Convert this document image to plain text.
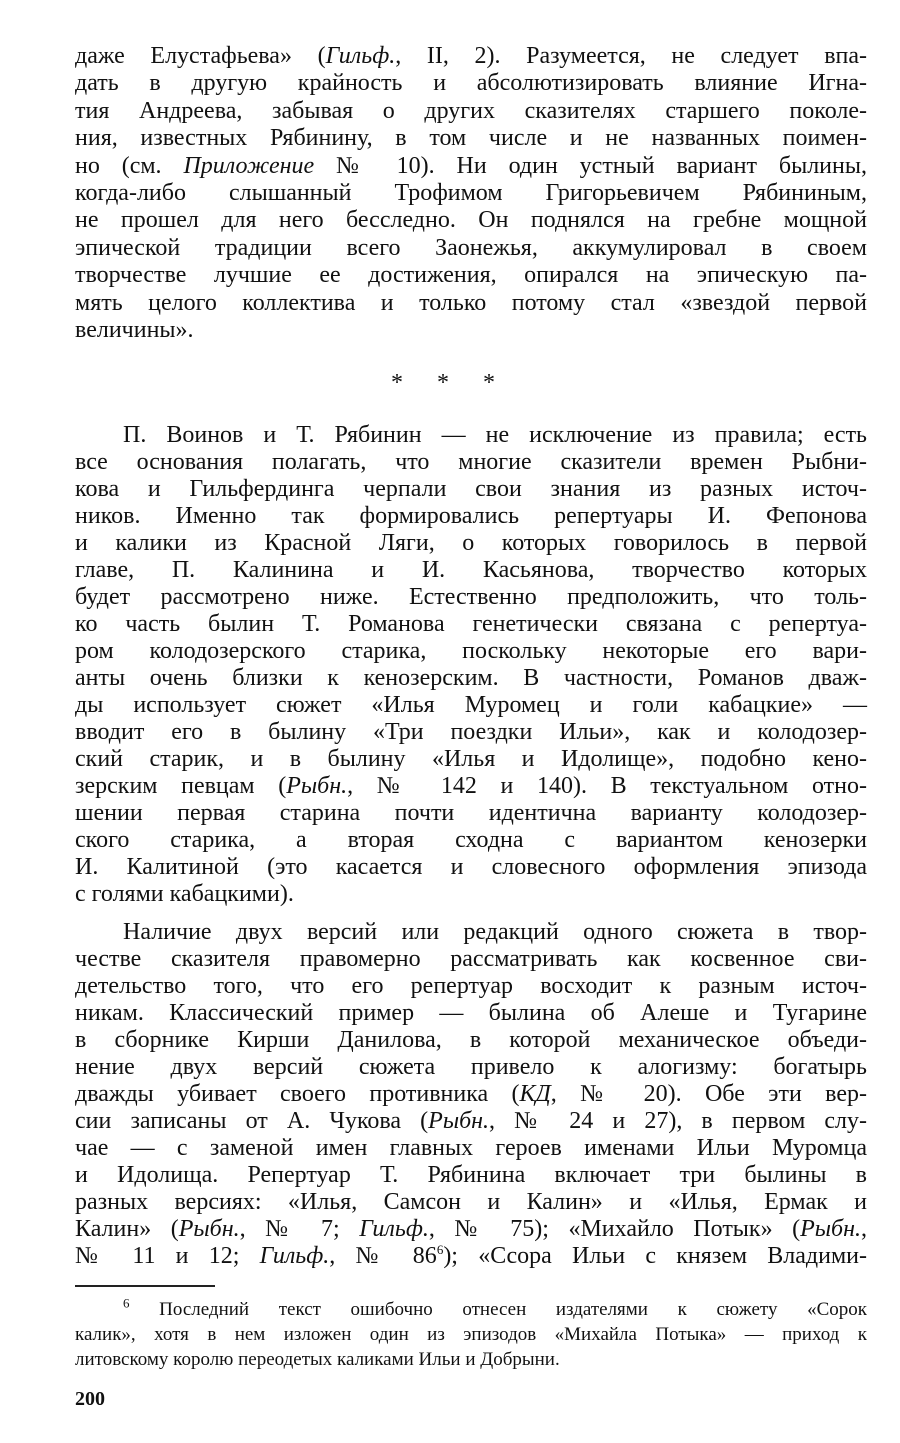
даже Елустафьева» (Гильф., II, 2). Разумеется, не следует впа-
дать в другую крайность и абсолютизировать влияние Игна-
тия Андреева, забывая о других сказителях старшего поколе-
ния, известных Рябинину, в том числе и не названных поимен-
но (см. Приложение № 10). Ни один устный вариант былины,
когда-либо слышанный Трофимом Григорьевичем Рябининым,
не прошел для него бесследно. Он поднялся на гребне мощной
эпической традиции всего Заонежья, аккумулировал в своем
творчестве лучшие ее достижения, опирался на эпическую па-
мять целого коллектива и только потому стал «звездой первой
величины».
* * *
П. Воинов и Т. Рябинин — не исключение из правила; есть
все основания полагать, что многие сказители времен Рыбни-
кова и Гильфердинга черпали свои знания из разных источ-
ников. Именно так формировались репертуары И. Фепонова
и калики из Красной Ляги, о которых говорилось в первой
главе, П. Калинина и И. Касьянова, творчество которых
будет рассмотрено ниже. Естественно предположить, что толь-
ко часть былин Т. Романова генетически связана с репертуа-
ром колодозерского старика, поскольку некоторые его вари-
анты очень близки к кенозерским. В частности, Романов дваж-
ды использует сюжет «Илья Муромец и голи кабацкие» —
вводит его в былину «Три поездки Ильи», как и колодозер-
ский старик, и в былину «Илья и Идолище», подобно кено-
зерским певцам (Рыбн., № 142 и 140). В текстуальном отно-
шении первая старина почти идентична варианту колодозер-
ского старика, а вторая сходна с вариантом кенозерки
И. Калитиной (это касается и словесного оформления эпизода
с голями кабацкими).
Наличие двух версий или редакций одного сюжета в твор-
честве сказителя правомерно рассматривать как косвенное сви-
детельство того, что его репертуар восходит к разным источ-
никам. Классический пример — былина об Алеше и Тугарине
в сборнике Кирши Данилова, в которой механическое объеди-
нение двух версий сюжета привело к алогизму: богатырь
дважды убивает своего противника (КД, № 20). Обе эти вер-
сии записаны от А. Чукова (Рыбн., № 24 и 27), в первом слу-
чае — с заменой имен главных героев именами Ильи Муромца
и Идолища. Репертуар Т. Рябинина включает три былины в
разных версиях: «Илья, Самсон и Калин» и «Илья, Ермак и
Калин» (Рыбн., № 7; Гильф., № 75); «Михайло Потык» (Рыбн.,
№ 11 и 12; Гильф., № $86^6$); «Ссора Ильи с князем Владими-
$^6$ Последний текст ошибочно отнесен издателями к сюжету «Сорок
калик», хотя в нем изложен один из эпизодов «Михайла Потыка» — приход к
литовскому королю переодетых каликами Ильи и Добрыни.
200
